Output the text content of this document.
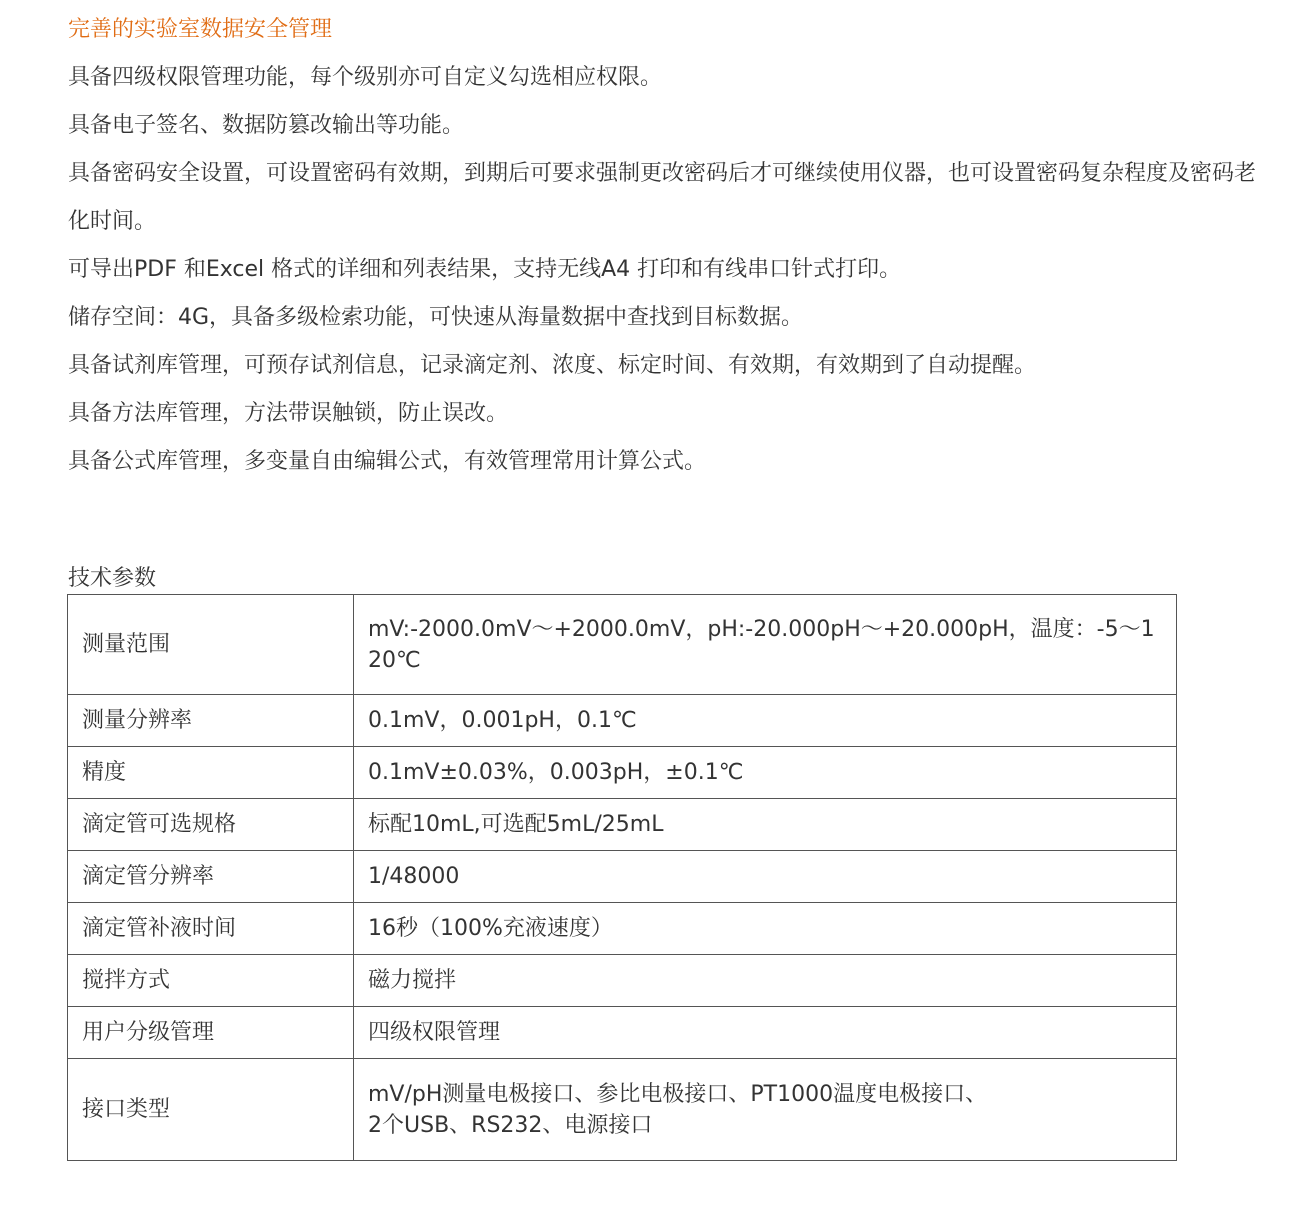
完善的实验室数据安全管理
具备四级权限管理功能，每个级别亦可自定义勾选相应权限。
具备电子签名、数据防篡改输出等功能。
具备密码安全设置，可设置密码有效期，到期后可要求强制更改密码后才可继续使用仪器，也可设置密码复杂程度及密码老化时间。
可导出PDF 和Excel 格式的详细和列表结果，支持无线A4 打印和有线串口针式打印。
储存空间：4G，具备多级检索功能，可快速从海量数据中查找到目标数据。
具备试剂库管理，可预存试剂信息，记录滴定剂、浓度、标定时间、有效期，有效期到了自动提醒。
具备方法库管理，方法带误触锁，防止误改。
具备公式库管理，多变量自由编辑公式，有效管理常用计算公式。
技术参数
测量范围	mV:-2000.0mV～+2000.0mV，pH:-20.000pH～+20.000pH，温度：-5～120℃
测量分辨率	0.1mV，0.001pH，0.1℃
精度	0.1mV±0.03%，0.003pH，±0.1℃
滴定管可选规格	标配10mL,可选配5mL/25mL
滴定管分辨率	1/48000
滴定管补液时间	16秒（100%充液速度）
搅拌方式	磁力搅拌
用户分级管理	四级权限管理
接口类型	mV/pH测量电极接口、参比电极接口、PT1000温度电极接口、
2个USB、RS232、电源接口
